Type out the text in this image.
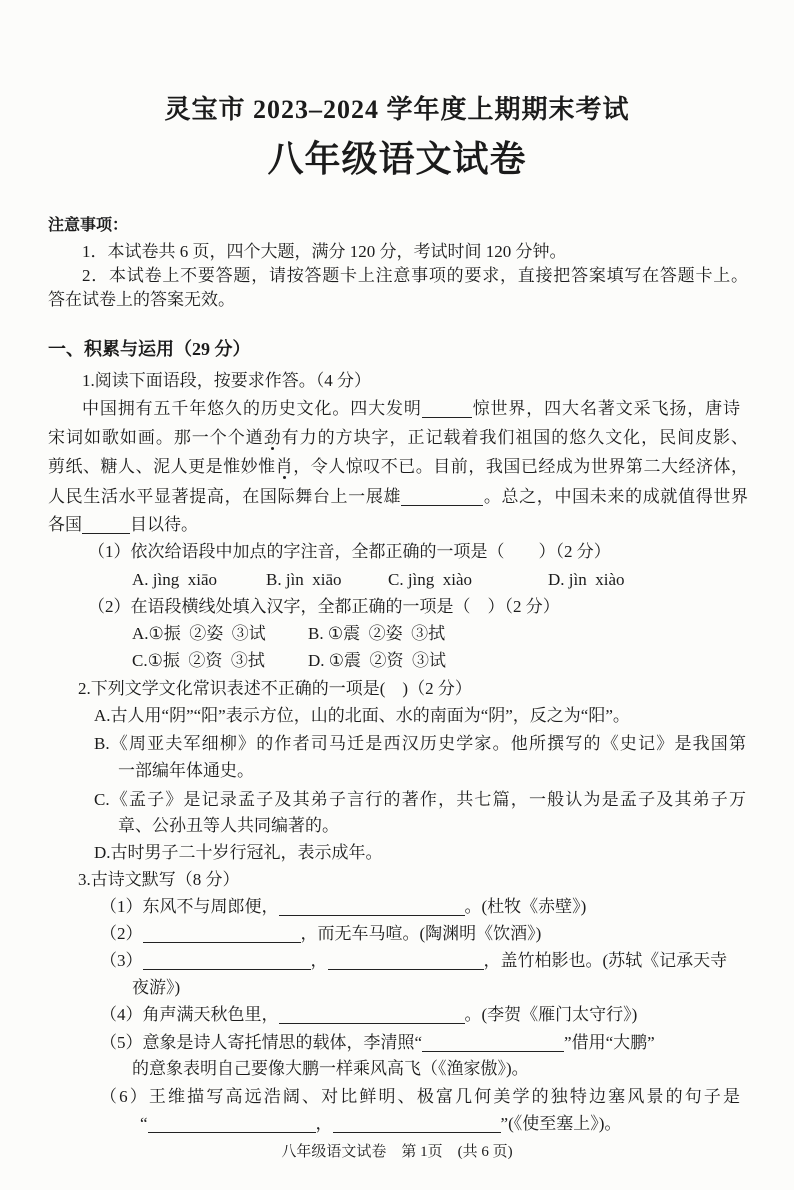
灵宝市 2023–2024 学年度上期期末考试
八年级语文试卷
注意事项：
1．本试卷共 6 页，四个大题，满分 120 分，考试时间 120 分钟。
2．本试卷上不要答题，请按答题卡上注意事项的要求，直接把答案填写在答题卡上。
答在试卷上的答案无效。
一、积累与运用（29 分）
1.阅读下面语段，按要求作答。（4 分）
中国拥有五千年悠久的历史文化。四大发明	惊世界，四大名著文采飞扬，唐诗
宋词如歌如画。那一个个遒劲有力的方块字，正记载着我们祖国的悠久文化，民间皮影、
剪纸、糖人、泥人更是惟妙惟肖，令人惊叹不已。目前，我国已经成为世界第二大经济体，
人民生活水平显著提高，在国际舞台上一展雄	。总之，中国未来的成就值得世界
各国	目以待。
（1）依次给语段中加点的字注音，全都正确的一项是（　　）（2 分）
A. jìng  xiāo	B. jìn  xiāo	C. jìng  xiào	D. jìn  xiào
（2）在语段横线处填入汉字，全都正确的一项是（　）（2 分）
A.①振  ②姿  ③试 B. ①震  ②姿  ③拭
C.①振  ②资  ③拭	D. ①震  ②资  ③试
2.下列文学文化常识表述不正确的一项是(　)（2 分）
A.古人用“阴”“阳”表示方位，山的北面、水的南面为“阴”，反之为“阳”。
B.《周亚夫军细柳》的作者司马迁是西汉历史学家。他所撰写的《史记》是我国第
一部编年体通史。
C.《孟子》是记录孟子及其弟子言行的著作，共七篇，一般认为是孟子及其弟子万
章、公孙丑等人共同编著的。
D.古时男子二十岁行冠礼，表示成年。
3.古诗文默写（8 分）
（1）东风不与周郎便，	。(杜牧《赤壁》)
（2）	，而无车马喧。(陶渊明《饮酒》)
（3）	，	，盖竹柏影也。(苏轼《记承天寺
夜游》)
（4）角声满天秋色里，	。(李贺《雁门太守行》)
（5）意象是诗人寄托情思的载体，李清照“	”借用“大鹏”
的意象表明自己要像大鹏一样乘风高飞（《渔家傲》)。
（6）王维描写高远浩阔、对比鲜明、极富几何美学的独特边塞风景的句子是
“	，	”(《使至塞上》)。
八年级语文试卷　第 1页　(共 6 页)
